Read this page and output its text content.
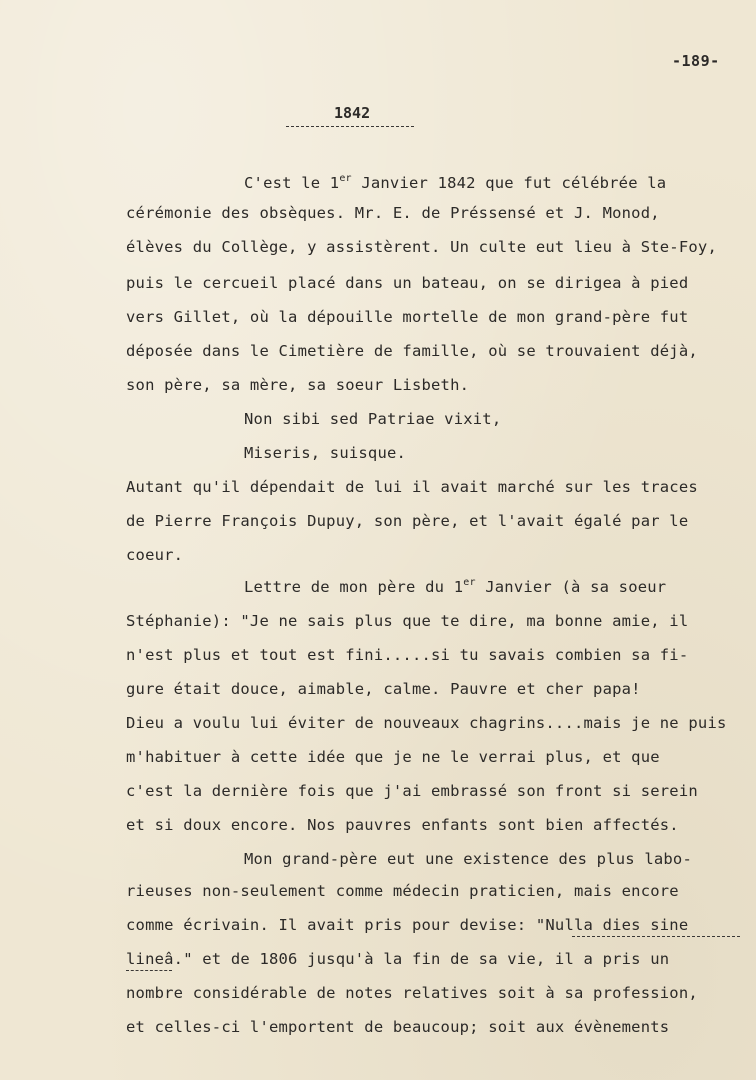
-189-
1842
C'est le 1er Janvier 1842 que fut célébrée la
cérémonie des obsèques. Mr. E. de Préssensé et J. Monod,
élèves du Collège, y assistèrent. Un culte eut lieu à Ste-Foy,
puis le cercueil placé dans un bateau, on se dirigea à pied
vers Gillet, où la dépouille mortelle de mon grand-père fut
déposée dans le Cimetière de famille, où se trouvaient déjà,
son père, sa mère, sa soeur Lisbeth.
Non sibi sed Patriae vixit,
Miseris, suisque.
Autant qu'il dépendait de lui il avait marché sur les traces
de Pierre François Dupuy, son père, et l'avait égalé par le
coeur.
Lettre de mon père du 1er Janvier (à sa soeur
Stéphanie): "Je ne sais plus que te dire, ma bonne amie, il
n'est plus et tout est fini.....si tu savais combien sa fi-
gure était douce, aimable, calme. Pauvre et cher papa!
Dieu a voulu lui éviter de nouveaux chagrins....mais je ne puis
m'habituer à cette idée que je ne le verrai plus, et que
c'est la dernière fois que j'ai embrassé son front si serein
et si doux encore. Nos pauvres enfants sont bien affectés.
Mon grand-père eut une existence des plus labo-
rieuses non-seulement comme médecin praticien, mais encore
comme écrivain. Il avait pris pour devise: "Nulla dies sine
lineâ." et de 1806 jusqu'à la fin de sa vie, il a pris un
nombre considérable de notes relatives soit à sa profession,
et celles-ci l'emportent de beaucoup; soit aux évènements
